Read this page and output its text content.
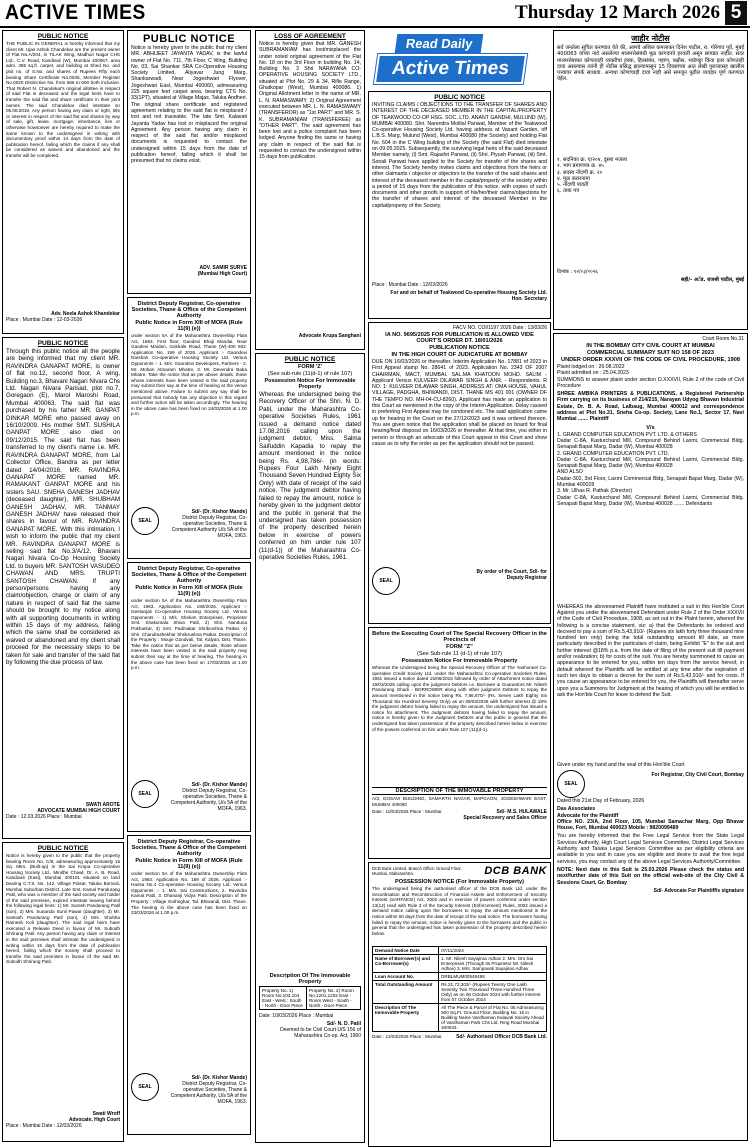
ACTIVE TIMES	Thursday 12 March 2026 5
PUBLIC NOTICE

THE PUBLIC IN GENERAL is hereby informed that my client Mr. Ujas Ashok Chandekar are the present owner of Flat No.A/204, in TILAK Wing, Madhuri Nagar CHS Ltd., C.V. Road, Kandivali (W), Mumbai 400067, area adm. 395 sq.ft. carpet, and building at Shed No. and plot no. of S.No. and shares of Rupees Fifty each bearing Share Certificate No.0045, Member Register No.0020 Distinctive No. from 566 to 600 both inclusive. That Robert N. Chandekar's original allottee in respect of said Flat is deceased and the legal heirs have to transfer the said flat and share certificate in their joint names. The said Chandekar died intestate on 05.08.2019. Any person having any claim or right, title or interest in respect of the said flat and shares by way of sale, gift, lease, mortgage, inheritance, lien or otherwise howsoever are hereby required to make the same known to the undersigned in writing with documentary proof within 14 days from the date of publication hereof, failing which the claims if any shall be considered as waived and abandoned and the transfer will be completed.

Adv. Neela Ashok Khandekar
Place : Mumbai Date : 12-03-2026
PUBLIC NOTICE

Through this public notice all the people are being informed that my client MR. RAVINDRA GANAPAT MORE, is owner of flat no.12, second floor, A wing, Building no.3, Bhavani Nagari Nivara Chs Ltd. Nagari Nivara Parisad, plot no.7, Goregaon (E), Marol Maroshi Road, Mumbai 400063. The said flat was purchased by his father MR. GANPAT DINKAR MORE who passed away on 16/10/2009. His mother SMT. SUSHILA GANPAT MORE also died on 09/12/2015. The said flat has been transferred to my client's name i.e. MR. RAVINDRA GANAPAT MORE, from Lal Collector Office, Bandra as per letter dated 14/04/2016. MR. RAVINDRA GANAPAT MORE named MR. RAMAKANT GANPAT MORE and his sisters SAU. SNEHA GANESH JADHAV (deceased daughter), MR. SHUBHAM GANESH JADHAV, MR. TANMAY GANESH JADHAV have released their shares in favour of MR. RAVINDRA GANAPAT MORE. With this intimation, I wish to inform the public that my client MR. RAVINDRA GANAPAT MORE is selling said flat No.3/A/12, Bhavani Nagari Nivara Co-Op Housing Society Ltd. to buyers MR. SANTOSH VASUDEO CHAWAN AND MRS. TRUPTI SANTOSH CHAWAN. If any person/persons having any claim/objection, charge or claim of any nature in respect of said flat the same should be brought to my notice along with all supporting documents in writing within 15 days of my address, failing which the same shall be considered as waived or abandoned and my client shall proceed for the necessary steps to be taken for sale and transfer of the said flat by following the due process of law.

SWATI AROTE
ADVOCATE MUMBAI HIGH COURT
Date : 12.03.2026 Place : Mumbai
PUBLIC NOTICE

Notice is hereby given to the public that the property bearing Room No. C/8, admeasuring approximately 15 Sq. Mtrs. (Built-up) in the Sai Krupa Co-operative Housing Society Ltd., Mindhe Chawl, Dr. A. B. Road, Kandivali (East), Mumbai 400101 situated on land bearing C.T.S. No. 142, Village Poisar, Taluka Borivali, Mumbai Suburban District. Late Smt. Kamal Pandurang Patil, who was a member of the said society and holder of the said premises, expired intestate leaving behind the following legal heirs: 1) Mr. Suresh Pandurang Patil (son), 2) Mrs. Sunanda Sunil Pawar (daughter), 3) Mr. Santosh Pandurang Patil (son), 4) Mrs. Shobha Ramesh Koli (daughter). The said legal heirs have executed a Release Deed in favour of Mr. Subodh Shrirang Patil. Any person having any claim or interest in the said premises shall intimate the undersigned in writing within 15 days from the date of publication hereof, failing which the society shall proceed to transfer the said premises in favour of the said Mr. Subodh Shrirang Patil.

Swati Wroff
Advocate, High Court
Place : Mumbai Date : 12/03/2026
PUBLIC NOTICE

Notice is hereby given to the public that my client MR. ABHIJEET JAYANTA YADAV, is the lawful owner of Flat No. 711, 7th Floor, C Wing, Building No. 03, Sai Shankar SRA Co-Operative Housing Society Limited, Aliyavar Jung Marg, Shankarwadi, Near Jogeshwari Flyover, Jogeshwari East, Mumbai 400060, admeasuring 225 square feet carpet area, bearing CTS No. 33(1PT), situated at Village Majas, Taluka Andheri. The original share certificate and registered agreement relating to the said flat is misplaced / lost and not traceable. The late Smt. Kalavati Jayanta Yadav has lost or misplaced the original Agreement. Any person having any claim in respect of the said flat and/or misplaced documents is requested to contact the undersigned within 15 days from the date of publication hereof, failing which it shall be presumed that no claims exist.

ADV. SAMIR SURVE
(Mumbai High Court)
District Deputy Registrar, Co-operative Societies, Thane & Office of the Competent Authority
Public Notice in Form XIII of MOFA (Rule 11(9) (e))

under section 5A of the Maharashtra Ownership Flats Act, 1963. First floor, Gaodevi Bhaji Mandai, Near Gaodevi Maidan, Gokhale Road, Thane (W)-400 602. Application No. 199 of 2026. Applicant :- Gaondevi Darshan Co-operative Housing Society Ltd. Versus Opponents :- 1. M/s. Gaondevi Developers, Partners - 2. Mr. Mohan Atmaram Mhatre, 3. Mr. Devendra Baba Mhatre. Take the notice that as per above details, those whose interests have been vested in the said property may submit their say at the time of hearing at the venue mentioned above. Failure to submit any say shall be presumed that nobody has any objection in this regard and further action will be taken accordingly. The hearing in the above case has been fixed on 24/03/2026 at 1.00 p.m.

SEAL
Sd/- (Dr. Kishor Mande)
District Deputy Registrar, Co-operative Societies, Thane & Competent Authority U/s 5A of the MOFA, 1963.
District Deputy Registrar, Co-operative Societies, Thane & Office of the Competent Authority
Public Notice in Form XIII of MOFA (Rule 11(9) (e))

under section 5A of the Maharashtra Ownership Flats Act, 1963. Application No. 190/2026. Applicant :- Geetanjali Co-operative Housing Society Ltd. Versus Opponents :- 1) M/s. Shelum Enterprises, Proprietor Smt. Shakuntala Shiva Patil, 2) Shri. Nanduna Pokharkar, 3) Smt. Padmakar Shrikrushna Patkar, 4) Shri. Chandrashekhar Shrikrushna Patkar. Description of the Property : Mouje Gondvali, Tal. Kalyan, Dist. Thane. Take the notice that as per below details, those whose interests have been vested in the said property may submit their say at the time of hearing. The hearing in the above case has been fixed on 17/03/2026 at 1.00 p.m.

SEAL
Sd/- (Dr. Kishor Mande)
District Deputy Registrar, Co-operative Societies, Thane & Competent Authority, U/s 5A of the MOFA, 1963.
District Deputy Registrar, Co-operative Societies, Thane & Office of the Competent Authority
Public Notice in Form XIII of MOFA (Rule 11(9) (e))

under section 5A of the Maharashtra Ownership Flats Act, 1963. Application No. 189 of 2026. Applicant :- Hansa No.4 Co-operative Housing Society Ltd. Versus Opponents :- 1. M/s. Sai Constructions, 2. Ravindra Kamal Patil, 3. Dhananji Vidya Patil. Description of the Property : Village Gotheghar, Tal. Bhiwandi, Dist. Thane. The hearing in the above case has been fixed on 23/03/2026 at 1.00 p.m.

SEAL
Sd/- (Dr. Kishor Mande)
District Deputy Registrar, Co-operative Societies, Thane & Competent Authority, U/s 5A of the MOFA, 1963.
LOSS OF AGREEMENT

Notice is hereby given that MR. GANESH SUBRAMANIAM has lost/misplaced the under noted original agreement of the Flat No. 18 on the 3rd Floor in building No. 14, Building No. 3 Shri NARAYANA CO-OPERATIVE HOUSING SOCIETY LTD., situated at Plot No. 29 & 34, Rifle Range, Ghatkopar (West), Mumbai 400086. 1) Original Allotment letter in the name of MR. L. N. RAMASWAMY. 2) Original Agreement executed between MR. L. N. RAMASWAMY (TRANSFEROR) as "1st PART" and MR. S. K. SUBRAMANIAM (TRANSFEREE) as "OTHER PART". The said agreement has been lost and a police complaint has been lodged. Anyone finding the same or having any claim in respect of the said flat is requested to contact the undersigned within 15 days from publication.

Advocate Krupa Sanghani
PUBLIC NOTICE
FORM 'Z'
(See sub-rule (11(d-1) of rule 107)
Possession Notice For Immovable Property

Whereas the undersigned being the Recovery Officer of the Shri. N. D. Patil, under the Maharashtra Co-operative Societies Rules, 1961 issued a demand notice dated 17.08.2016 calling upon the judgment debtor, Miss. Salma Saifuddin Kapadia to repay the amount mentioned in the notice being Rs. 4,98,786/- (in words: Rupees Four Lakh Ninety Eight Thousand Seven Hundred Eighty Six Only) with date of receipt of the said notice. The judgment debtor having failed to repay the amount, notice is hereby given to the judgment debtor and the public in general that the undersigned has taken possession of the property described herein below in exercise of powers conferred on him under rule 107 (11(d-1)) of the Maharashtra Co-operative Societies Rules, 1961.

Description Of The Immovable Property
Property No. 1) Room No.103,104 East - West : South - North - Door Piece	Property No. 2) Room No.1201,1202 East - Room West - South - North - Door Piece
Date: 10/03/2026 Place : Mumbai
Sd/- N. D. Patil
Deemed to be Civil Court U/S 156 of Maharashtra Co-op. Act, 1960
Read Daily
Active Times
PUBLIC NOTICE

INVITING CLAIMS / OBJECTIONS TO THE TRANSFER OF SHARES AND INTEREST OF THE DECEASED MEMBER IN THE CAPITAL/PROPERTY OF TEAKWOOD CO-OP HSG. SOC. LTD. ANANT GANDHI, MULUND (W), MUMBAI 400080. Shri. Narendra Motilal Panwat, Member of the Teakwood Co-operative Housing Society Ltd. having address at Vasant Garden, off L.B.S. Marg, Mulund (West), Mumbai 400080 (the Society) and holding Flat No. 604 in the C Wing building of the Society (the said Flat) died intestate on 09.05.2025. Subsequently, the surviving legal heirs of the said deceased Member namely, (i) Smt. Rajashri Panwat, (ii) Shri. Piyush Panwat, (iii) Smt. Sonali Panwat have applied to the Society for transfer of the shares and interest. The Society hereby invites claims and objections from the heirs or other claimants / objector or objectors to the transfer of the said shares and interest of the deceased member in the capital/property of the society within a period of 15 days from the publication of this notice, with copies of such documents and other proofs in support of his/her/their claims/objections for the transfer of shares and interest of the deceased Member in the capital/property of the Society.

Place : Mumbai Date : 12/03/2026
For and on behalf of Teakwood Co-operative Housing Society Ltd.
Hon. Secretary
FACV NO. COI/1197 2026 Date : 13/03/26
IA NO. 9695/2025 FOR PUBLICATION IS ALLOWED VIDE COURT'S ORDER DT. 18/01/2026
PUBLICATION NOTICE
IN THE HIGH COURT OF JUDICATURE AT BOMBAY

DUE ON 16/03/2026 or thereafter. Interim Application No. 17881 of 2023 in First Appeal stamp No. 28641 of 2023. Application No. 2343 OF 2007 CHAIRMAN, MACT, MUMBAI. SAL.MA KHATOON MOHD. SALIM - Applicant Versus KULVEER DILAWAR SINGH & ANR. - Respondents. R NO. 1: KULVEER DILAWAR SINGH, ADDRESS AT: OMA HOUSE, VAHUL VILLAGE, PADGHA, BHIWANDI, DIST. THANE MS 401 001 (OWNER OF THE TEMPO NO. MH-04-CU-8260). Applicant has made an application to this Court as mentioned in the copy of the Interim Application. Delay caused in preferring First Appeal may be condoned etc. The said application came up for hearing in the Court on the 27/12/2023 and it was ordered thereon. You are given notice that the application shall be placed on board for final hearing/final disposal on 16/03/2026 or thereafter. At that time, you either in person or through an advocate of this Court appear in this Court and show cause as to why the order as per the application should not be passed.

SEAL
By order of the Court, Sd/- for Deputy Registrar
Before the Executing Court of The Special Recovery Officer in the Precincts of
FORM "Z"
(See Sub-rule 11 (d-1) of rule 107)
Possession Notice For Immovable Property

Whereas the Undersigned being the Special Recovery Officer of The Yashoneel Co-operative Credit Society Ltd. under the Maharashtra Co-operative Societies Rules, 1961 issued a notice dated 15/06/2018 followed by order of Attachment notice dated 19/03/2025 calling upon the judgment Debtors i.e. Borrower & Guarantors Mr. Nilesh Pandurang Ghadi - BORROWER along with other judgment Debtors to repay the amount mentioned in the notice being Rs. 7,86,670/- (Rs. Seven Lakh Eighty Six Thousand Six Hundred Seventy Only) as on 09/03/2026 with further interest @ 18% the judgment debtor having failed to repay the amount, the undersigned has issued a notice for attachment. The Judgment debtors having failed to repay the amount, notice is hereby given to the Judgment Debtors and the public in general that the undersigned has taken possession of the property described herein below in exercise of the powers conferred on him under Rule 107 (11)(d-1).

DESCRIPTION OF THE IMMOVABLE PROPERTY

A/3, GOSAVI BUILDING, SAMARTH NAGAR, BAPGAON, JOGESHWARI EAST, MUMBAI 400060

Date : 10/03/2026 Place : Mumbai	Sd/- M.S. HULAWALE
Special Recovery and Sales Officer
DCB Bank Limited. Branch Office: Ground Floor, Mumbai, Maharashtra.	DCB BANK
POSSESSION NOTICE (For Immovable Property)

The undersigned being the authorised officer of the DCB Bank Ltd. under the Securitisation and Reconstruction of Financial Assets and Enforcement of Security Interest (SARFAESI) Act, 2002 and in exercise of powers conferred under section 13(12) read with Rule 3 of the Security Interest (Enforcement) Rules, 2002 issued a demand notice calling upon the borrowers to repay the amount mentioned in the notice within 60 days from the date of receipt of the said notice. The borrowers having failed to repay the amount, notice is hereby given to the borrowers and the public in general that the undersigned has taken possession of the property described herein below.

Demand Notice Date	07/11/2024
Name of Borrower(s) and Co-Borrower(s)	1. Mr. Nilesh Sayajirao Adhav 2. Mrs. Om Sai Enterprises (Through its Proprietor Mr. Nilesh Adhav) 3. Mrs. Sampavati Sayajirao Adhav
Loan Account No.	DRBLMUM00548498
Total Outstanding Amount	Rs.21,72,303/- (Rupees Twenty One Lakh Seventy Two Thousand Three Hundred Three Only) as on 06 October 2024 with further interest from 07 October 2024
Description Of The Immovable Property	All The Piece & Parcel of Flat No. 05 Admeasuring 500 Sq.Ft. Ground Floor, Building No. 16 in Building Name Vardhaman Kalavati Society Ahead of Vardhaman Park Chs Ltd, Ring Road Mumbai 400043.
Date : 12/03/2026 Place : Mumbai	Sd/- Authorised Officer DCB Bank Ltd.
जाहीर नोटीस

सर्व जनतेला सूचित करण्यात येते की, आमचे अशिल कमलाकर दिनेश पाटील, रा. गोरेगाव पूर्व, मुंबई 400063 यांच्या नावे असलेल्या मालमत्तेसंबंधी मूळ कागदपत्रे हरवली असून सापडत नाहीत. सदर मालमत्तेबाबत कोणत्याही व्यक्तीचा हक्क, हितसंबंध, गहाण, बक्षीस, भाडेपट्टा किंवा इतर कोणताही दावा असल्यास त्यांनी ही नोटीस प्रसिद्ध झाल्यापासून 15 दिवसांच्या आत लेखी पुराव्यासह खालील पत्त्यावर संपर्क साधावा. अन्यथा कोणाचाही दावा नाही असे समजून पुढील व्यवहार पूर्ण करण्यात येईल.

१. सदनिका क्र. ए/२०४, दुसरा मजला
२. भाग प्रमाणपत्र क्र. ४५
३. सदस्य नोंदणी क्र. २०
४. मूळ करारनामा
५. नोंदणी पावती
६. ताबा पत्र

दिनांक : १२/०३/२०२६
सही/- अॅड. राजश्री पाटील, मुंबई
Court Room No.31
IN THE BOMBAY CITY CIVIL COURT AT MUMBAI
COMMERCIAL SUMMARY SUIT NO 158 OF 2023
UNDER ORDER XXXVII OF THE CODE OF CIVIL PROCEDURE, 1908

Plaint lodged on : 26.08.2022
Plaint admitted on : 25.04.2023
SUMMONS to answer plaint under section O.XXXVII, Rule 2 of the code of Civil Procedure

SHREE AMBIKA PRINTERS & PUBLICATIONS, a Registered Partnership Firm carrying on its business of 214/215, Narayan Udyog Bhavan Industrial Estate, Dr. B. A. Road, Lalbaug, Mumbai 400012 and correspondence address at Plot No.31, Sneha Co-op. Society, Lane No.1, Sector 17, Navi Mumbai ....... Plaintiff

V/s

1. GRAND COMPUTER EDUCATION PVT. LTD. & OTHERS
Dadar C-8A, Kasturchand Mill, Compound Behind Laxmi, Commercial Bldg. Senapati Bapat Marg, Dadar (W), Mumbai 400028
2. GRAND COMPUTER EDUCATION PVT. LTD.
Dadar C-8A, Kasturchand Mill, Compound Behind Laxmi, Commercial Bldg. Senapati Bapat Marg, Dadar (W), Mumbai 400028
AND ALSO
Dadar-302, 3rd Floor, Laxmi Commercial Bldg, Senapati Bapat Marg, Dadar (W), Mumbai 400028
3. Mr. Ulhas R. Pathak (Director)
Dadar C-8A, Kasturchand Mill, Compound Behind Laxmi, Commercial Bldg. Senapati Bapat Marg, Dadar (W), Mumbai 400028 ....... Defendants

WHEREAS the abovenamed Plaintiff have instituted a suit in this Hon'ble Court Against you under the abovenamed Defendant under Rule 2 of the Order XXXVII of the Code of Civil Procedure, 1908, as set out in the Plaint herein, whereof the following is a concise statement, viz: a) that the Defendants be ordered and decreed to pay a sum of Rs.5,43,910/- (Rupees six lakh forty three thousand nine hundred ten only) being the total outstanding amount till date, as more particularly described in the particulars of claim, being Exhibit "E" to the suit and further interest @18% p.a. from the date of filing of the present suit till payment and/or realization; b) for costs of the suit. You are hereby summoned to cause an appearance to be entered for you, within ten days from the service hereof, in default whereof the Plaintiffs will be entitled at any time after the expiration of such ten days to obtain a decree for the sum of Rs.5,43,910/- and for costs. If you cause an appearance to be entered for you, the Plaintiffs will thereafter serve upon you a Summons for Judgment at the hearing of which you will be entitled to ask the Hon'ble Court for leave to defend the Suit.

Given under my hand and the seal of this Hon'ble Court

SEAL
For Registrar, City Civil Court, Bombay

Dated this 21st Day of February, 2026

Das Associates
Advocate for the Plaintiff
Office NO. 23/A, 2nd Floor, 105, Mumbai Samachar Marg, Opp Bhavar House, Fort, Mumbai 400023 Mobile : 9820099489

You are hereby informed that the Free Legal Service from the State Legal Services Authority, High Court Legal Services Committee, District Legal Services Authority and Taluka Legal Services Committee as per eligibility criteria are available to you and in case you are eligible and desire to avail the free legal services, you may contact any of the above Legal Services Authority/Committee.

NOTE: Next date in this Suit is 25.03.2026 Please check the status and next/further date of this Suit on the official web-site of the City Civil & Sessions Court, Gr. Bombay

Sd/- Advocate For Plaintiff/s signature
